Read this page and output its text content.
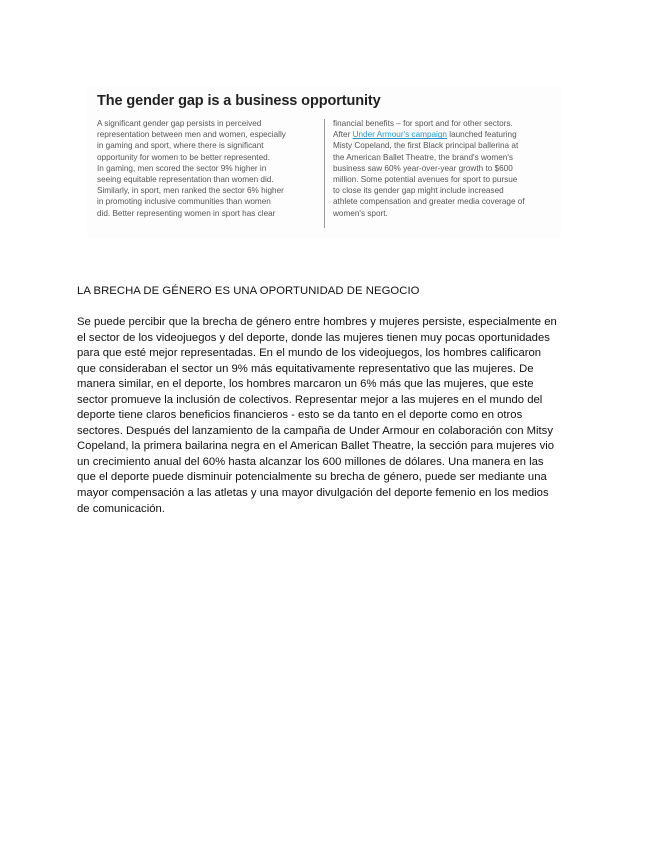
The gender gap is a business opportunity
A significant gender gap persists in perceived
representation between men and women, especially
in gaming and sport, where there is significant
opportunity for women to be better represented.
In gaming, men scored the sector 9% higher in
seeing equitable representation than women did.
Similarly, in sport, men ranked the sector 6% higher
in promoting inclusive communities than women
did. Better representing women in sport has clear
financial benefits – for sport and for other sectors.
After Under Armour's campaign launched featuring
Misty Copeland, the first Black principal ballerina at
the American Ballet Theatre, the brand's women's
business saw 60% year-over-year growth to $600
million. Some potential avenues for sport to pursue
to close its gender gap might include increased
athlete compensation and greater media coverage of
women's sport.
LA BRECHA DE GÉNERO ES UNA OPORTUNIDAD DE NEGOCIO
Se puede percibir que la brecha de género entre hombres y mujeres persiste, especialmente en
el sector de los videojuegos y del deporte, donde las mujeres tienen muy pocas oportunidades
para que esté mejor representadas. En el mundo de los videojuegos, los hombres calificaron
que consideraban el sector un 9% más equitativamente representativo que las mujeres. De
manera similar, en el deporte, los hombres marcaron un 6% más que las mujeres, que este
sector promueve la inclusión de colectivos. Representar mejor a las mujeres en el mundo del
deporte tiene claros beneficios financieros - esto se da tanto en el deporte como en otros
sectores. Después del lanzamiento de la campaña de Under Armour en colaboración con Mitsy
Copeland, la primera bailarina negra en el American Ballet Theatre, la sección para mujeres vio
un crecimiento anual del 60% hasta alcanzar los 600 millones de dólares. Una manera en las
que el deporte puede disminuir potencialmente su brecha de género, puede ser mediante una
mayor compensación a las atletas y una mayor divulgación del deporte femenio en los medios
de comunicación.
